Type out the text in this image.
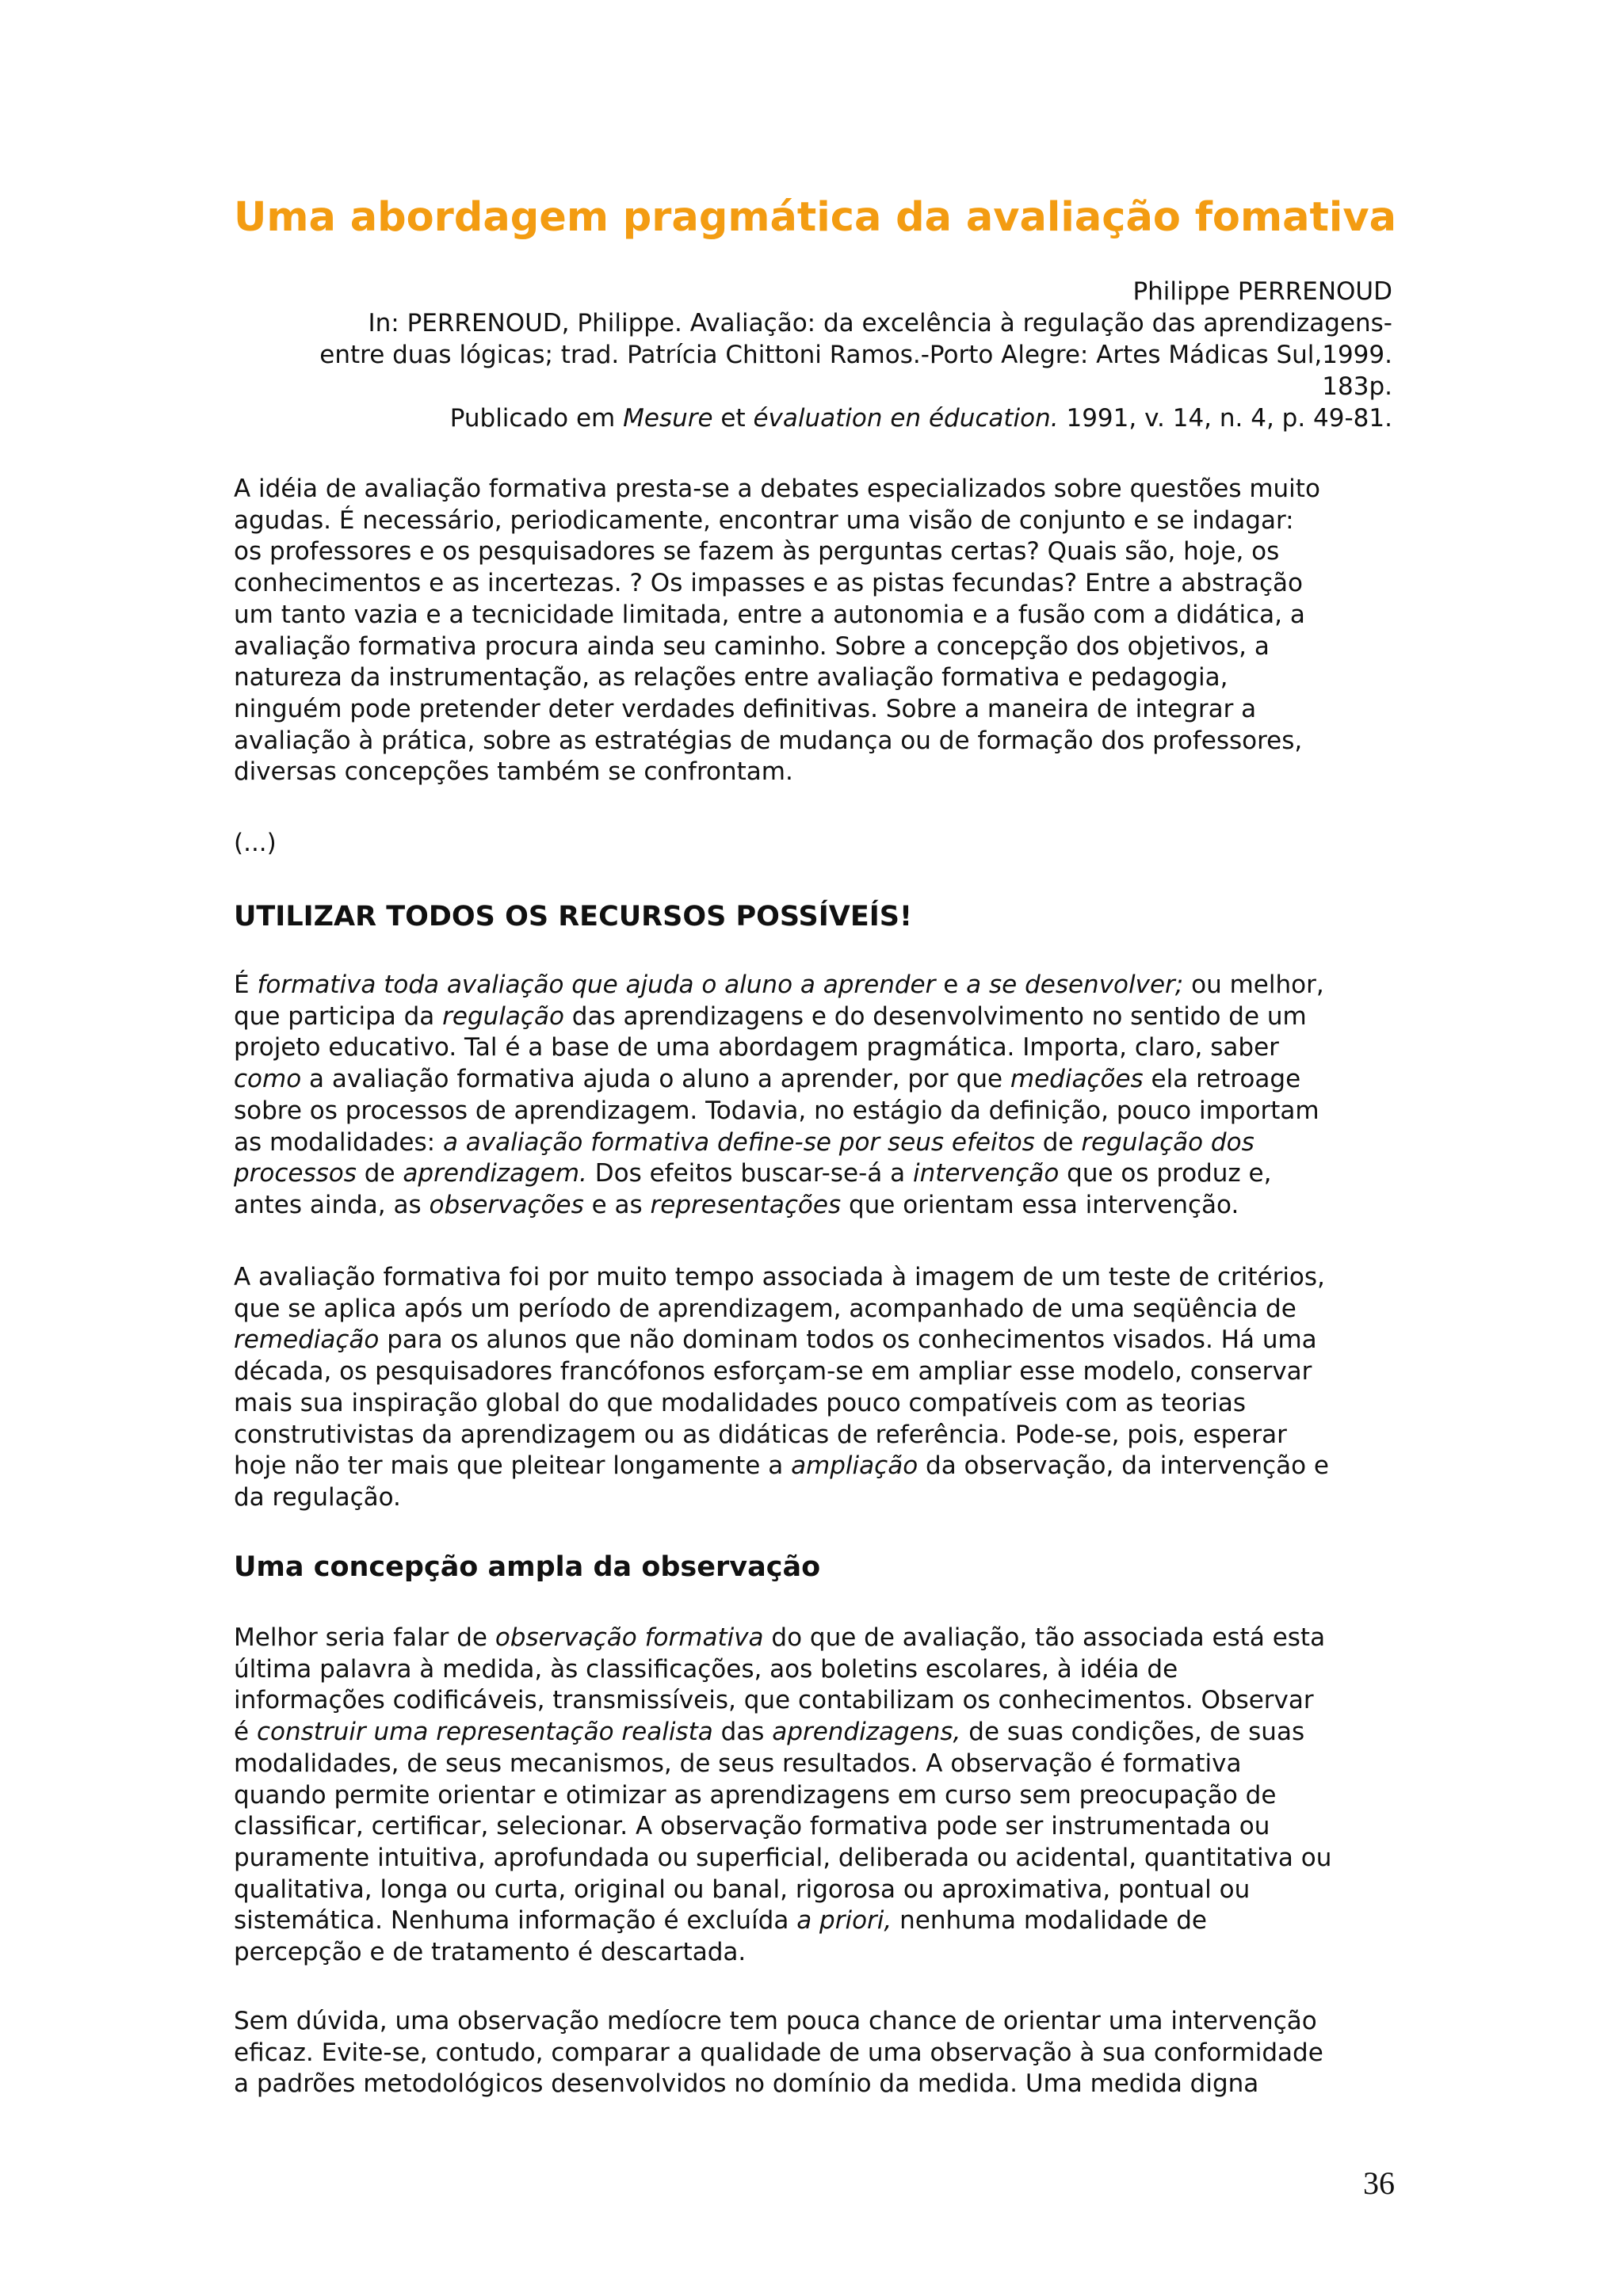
Uma abordagem pragmática da avaliação fomativa
Philippe PERRENOUD
In: PERRENOUD, Philippe. Avaliação: da excelência à regulação das aprendizagens-
entre duas lógicas; trad. Patrícia Chittoni Ramos.-Porto Alegre: Artes Mádicas Sul,1999.
183p.
Publicado em Mesure et évaluation en éducation. 1991, v. 14, n. 4, p. 49-81.

A idéia de avaliação formativa presta-se a debates especializados sobre questões muito

agudas. É necessário, periodicamente, encontrar uma visão de conjunto e se indagar:

os professores e os pesquisadores se fazem às perguntas certas? Quais são, hoje, os

conhecimentos e as incertezas. ? Os impasses e as pistas fecundas? Entre a abstração

um tanto vazia e a tecnicidade limitada, entre a autonomia e a fusão com a didática, a

avaliação formativa procura ainda seu caminho. Sobre a concepção dos objetivos, a

natureza da instrumentação, as relações entre avaliação formativa e pedagogia,

ninguém pode pretender deter verdades definitivas. Sobre a maneira de integrar a

avaliação à prática, sobre as estratégias de mudança ou de formação dos professores,

diversas concepções também se confrontam.

(...)

UTILIZAR TODOS OS RECURSOS POSSÍVEÍS!

É formativa toda avaliação que ajuda o aluno a aprender e a se desenvolver; ou melhor,

que participa da regulação das aprendizagens e do desenvolvimento no sentido de um

projeto educativo. Tal é a base de uma abordagem pragmática. Importa, claro, saber

como a avaliação formativa ajuda o aluno a aprender, por que mediações ela retroage

sobre os processos de aprendizagem. Todavia, no estágio da definição, pouco importam

as modalidades: a avaliação formativa define-se por seus efeitos de regulação dos

processos de aprendizagem. Dos efeitos buscar-se-á a intervenção que os produz e,

antes ainda, as observações e as representações que orientam essa intervenção.

A avaliação formativa foi por muito tempo associada à imagem de um teste de critérios,

que se aplica após um período de aprendizagem, acompanhado de uma seqüência de

remediação para os alunos que não dominam todos os conhecimentos visados. Há uma

década, os pesquisadores francófonos esforçam-se em ampliar esse modelo, conservar

mais sua inspiração global do que modalidades pouco compatíveis com as teorias

construtivistas da aprendizagem ou as didáticas de referência. Pode-se, pois, esperar

hoje não ter mais que pleitear longamente a ampliação da observação, da intervenção e

da regulação.

Uma concepção ampla da observação

Melhor seria falar de observação formativa do que de avaliação, tão associada está esta

última palavra à medida, às classificações, aos boletins escolares, à idéia de

informações codificáveis, transmissíveis, que contabilizam os conhecimentos. Observar

é construir uma representação realista das aprendizagens, de suas condições, de suas

modalidades, de seus mecanismos, de seus resultados. A observação é formativa

quando permite orientar e otimizar as aprendizagens em curso sem preocupação de

classificar, certificar, selecionar. A observação formativa pode ser instrumentada ou

puramente intuitiva, aprofundada ou superficial, deliberada ou acidental, quantitativa ou

qualitativa, longa ou curta, original ou banal, rigorosa ou aproximativa, pontual ou

sistemática. Nenhuma informação é excluída a priori, nenhuma modalidade de

percepção e de tratamento é descartada.

Sem dúvida, uma observação medíocre tem pouca chance de orientar uma intervenção

eficaz. Evite-se, contudo, comparar a qualidade de uma observação à sua conformidade

a padrões metodológicos desenvolvidos no domínio da medida. Uma medida digna

36
